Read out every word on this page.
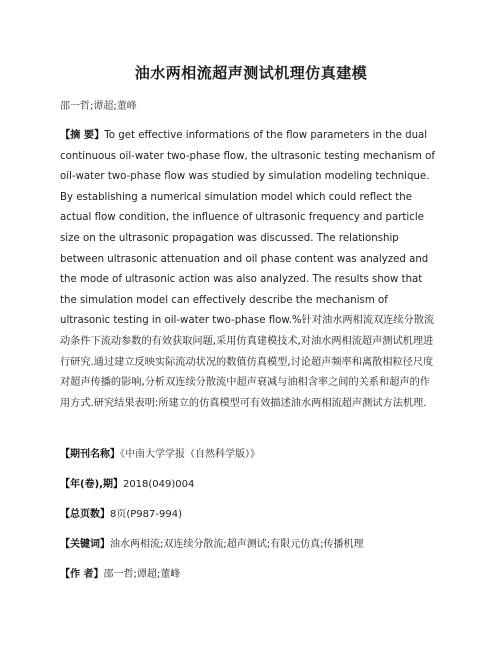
油水两相流超声测试机理仿真建模
邵一哲;谭超;董峰
【摘 要】To get effective informations of the flow parameters in the dual continuous oil-water two-phase flow, the ultrasonic testing mechanism of oil-water two-phase flow was studied by simulation modeling technique. By establishing a numerical simulation model which could reflect the actual flow condition, the influence of ultrasonic frequency and particle size on the ultrasonic propagation was discussed. The relationship between ultrasonic attenuation and oil phase content was analyzed and the mode of ultrasonic action was also analyzed. The results show that the simulation model can effectively describe the mechanism of ultrasonic testing in oil-water two-phase flow.%针对油水两相流双连续分散流动条件下流动参数的有效获取问题,采用仿真建模技术,对油水两相流超声测试机理进行研究.通过建立反映实际流动状况的数值仿真模型,讨论超声频率和离散相粒径尺度对超声传播的影响,分析双连续分散流中超声衰减与油相含率之间的关系和超声的作用方式.研究结果表明:所建立的仿真模型可有效描述油水两相流超声测试方法机理.
【期刊名称】《中南大学学报（自然科学版）》
【年(卷),期】2018(049)004
【总页数】8页(P987-994)
【关键词】油水两相流;双连续分散流;超声测试;有限元仿真;传播机理
【作 者】邵一哲;谭超;董峰
